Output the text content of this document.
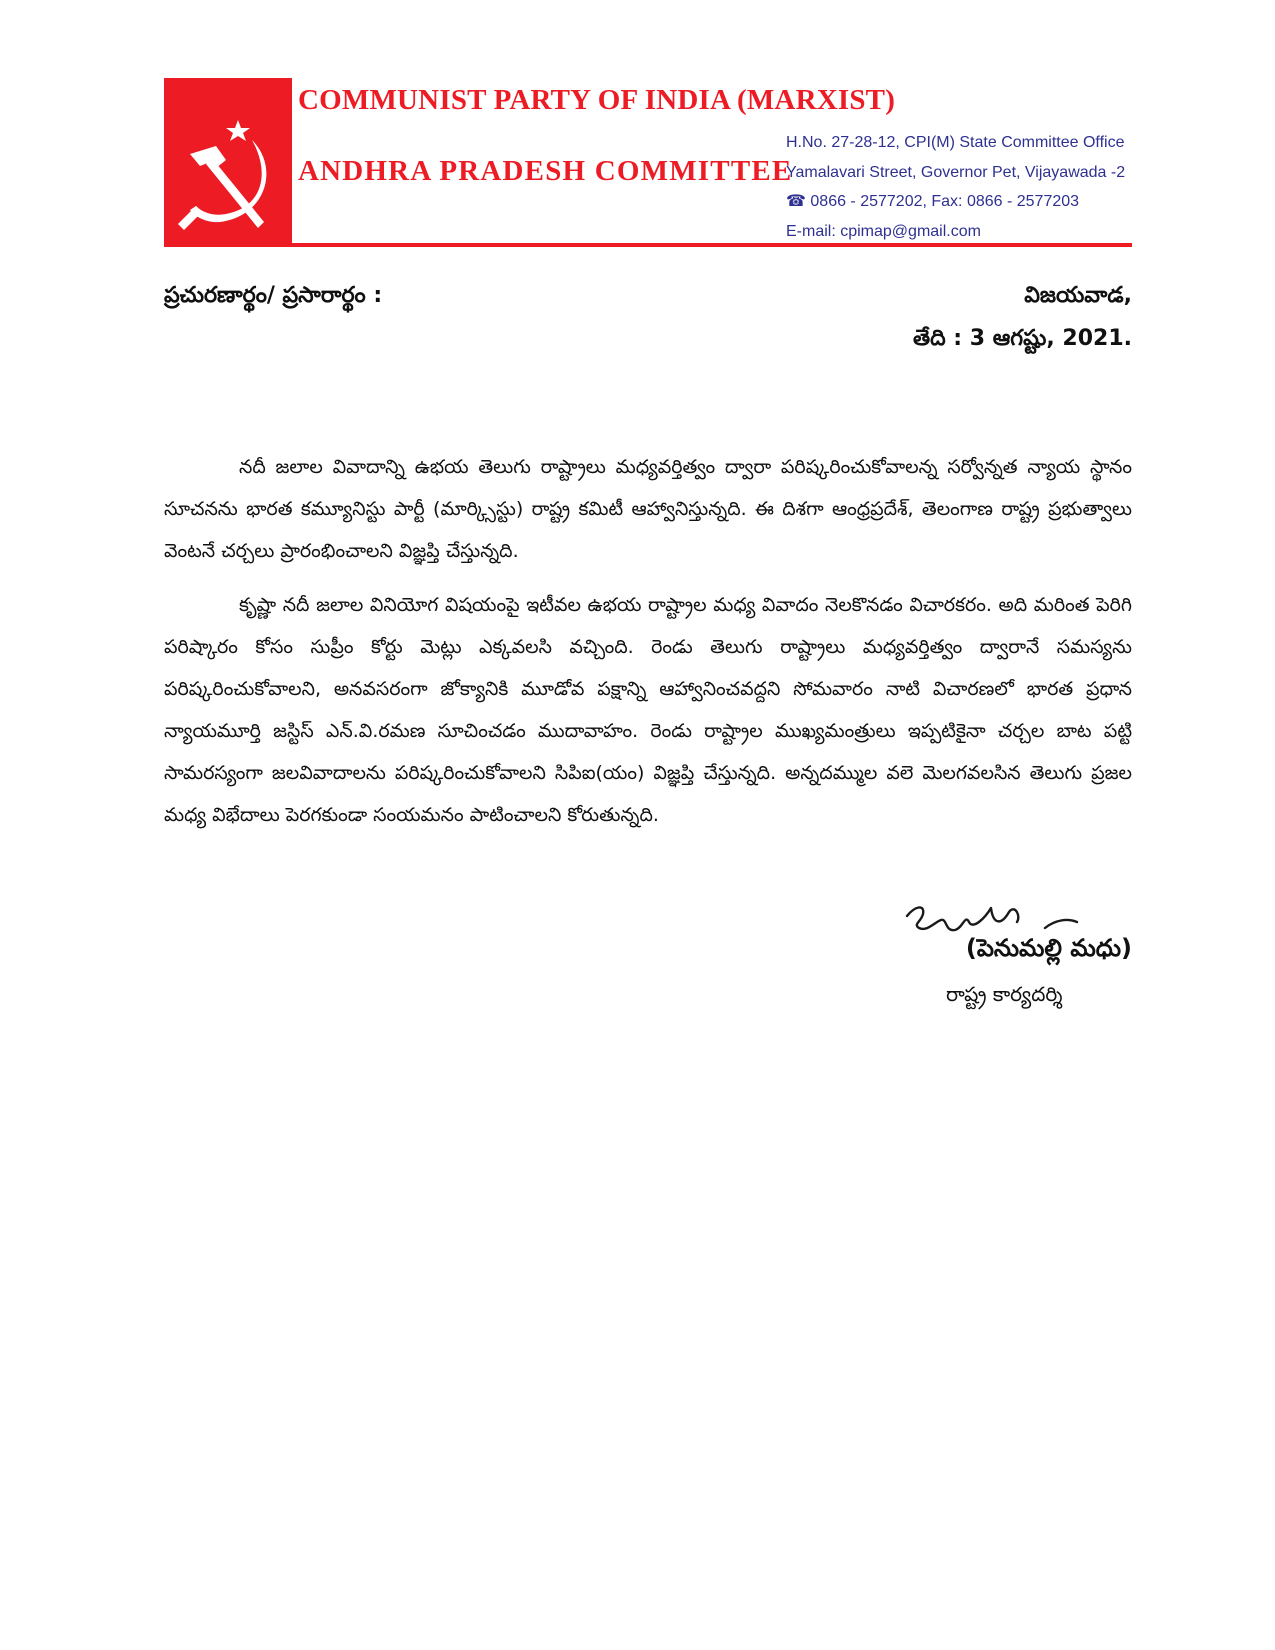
COMMUNIST PARTY OF INDIA (MARXIST)
ANDHRA PRADESH COMMITTEE
H.No. 27-28-12, CPI(M) State Committee Office
Yamalavari Street, Governor Pet, Vijayawada -2
☎ 0866 - 2577202, Fax: 0866 - 2577203
E-mail: cpimap@gmail.com
ప్రచురణార్థం/ ప్రసారార్థం :	విజయవాడ,
తేది : 3 ఆగష్టు, 2021.

నదీ జలాల వివాదాన్ని ఉభయ తెలుగు రాష్ట్రాలు మధ్యవర్తిత్వం ద్వారా పరిష్కరించుకోవాలన్న సర్వోన్నత న్యాయ స్థానం సూచనను భారత కమ్యూనిస్టు పార్టీ (మార్క్సిస్టు) రాష్ట్ర కమిటీ ఆహ్వానిస్తున్నది. ఈ దిశగా ఆంధ్రప్రదేశ్, తెలంగాణ రాష్ట్ర ప్రభుత్వాలు వెంటనే చర్చలు ప్రారంభించాలని విజ్ఞప్తి చేస్తున్నది.

కృష్ణా నదీ జలాల వినియోగ విషయంపై ఇటీవల ఉభయ రాష్ట్రాల మధ్య వివాదం నెలకొనడం విచారకరం. అది మరింత పెరిగి పరిష్కారం కోసం సుప్రీం కోర్టు మెట్లు ఎక్కవలసి వచ్చింది. రెండు తెలుగు రాష్ట్రాలు మధ్యవర్తిత్వం ద్వారానే సమస్యను పరిష్కరించుకోవాలని, అనవసరంగా జోక్యానికి మూడోవ పక్షాన్ని ఆహ్వానించవద్దని సోమవారం నాటి విచారణలో భారత ప్రధాన న్యాయమూర్తి జస్టిస్ ఎన్.వి.రమణ సూచించడం ముదావాహం. రెండు రాష్ట్రాల ముఖ్యమంత్రులు ఇప్పటికైనా చర్చల బాట పట్టి సామరస్యంగా జలవివాదాలను పరిష్కరించుకోవాలని సిపిఐ(యం) విజ్ఞప్తి చేస్తున్నది. అన్నదమ్ముల వలె మెలగవలసిన తెలుగు ప్రజల మధ్య విభేదాలు పెరగకుండా సంయమనం పాటించాలని కోరుతున్నది.

(పెనుమల్లి మధు)
రాష్ట్ర కార్యదర్శి
